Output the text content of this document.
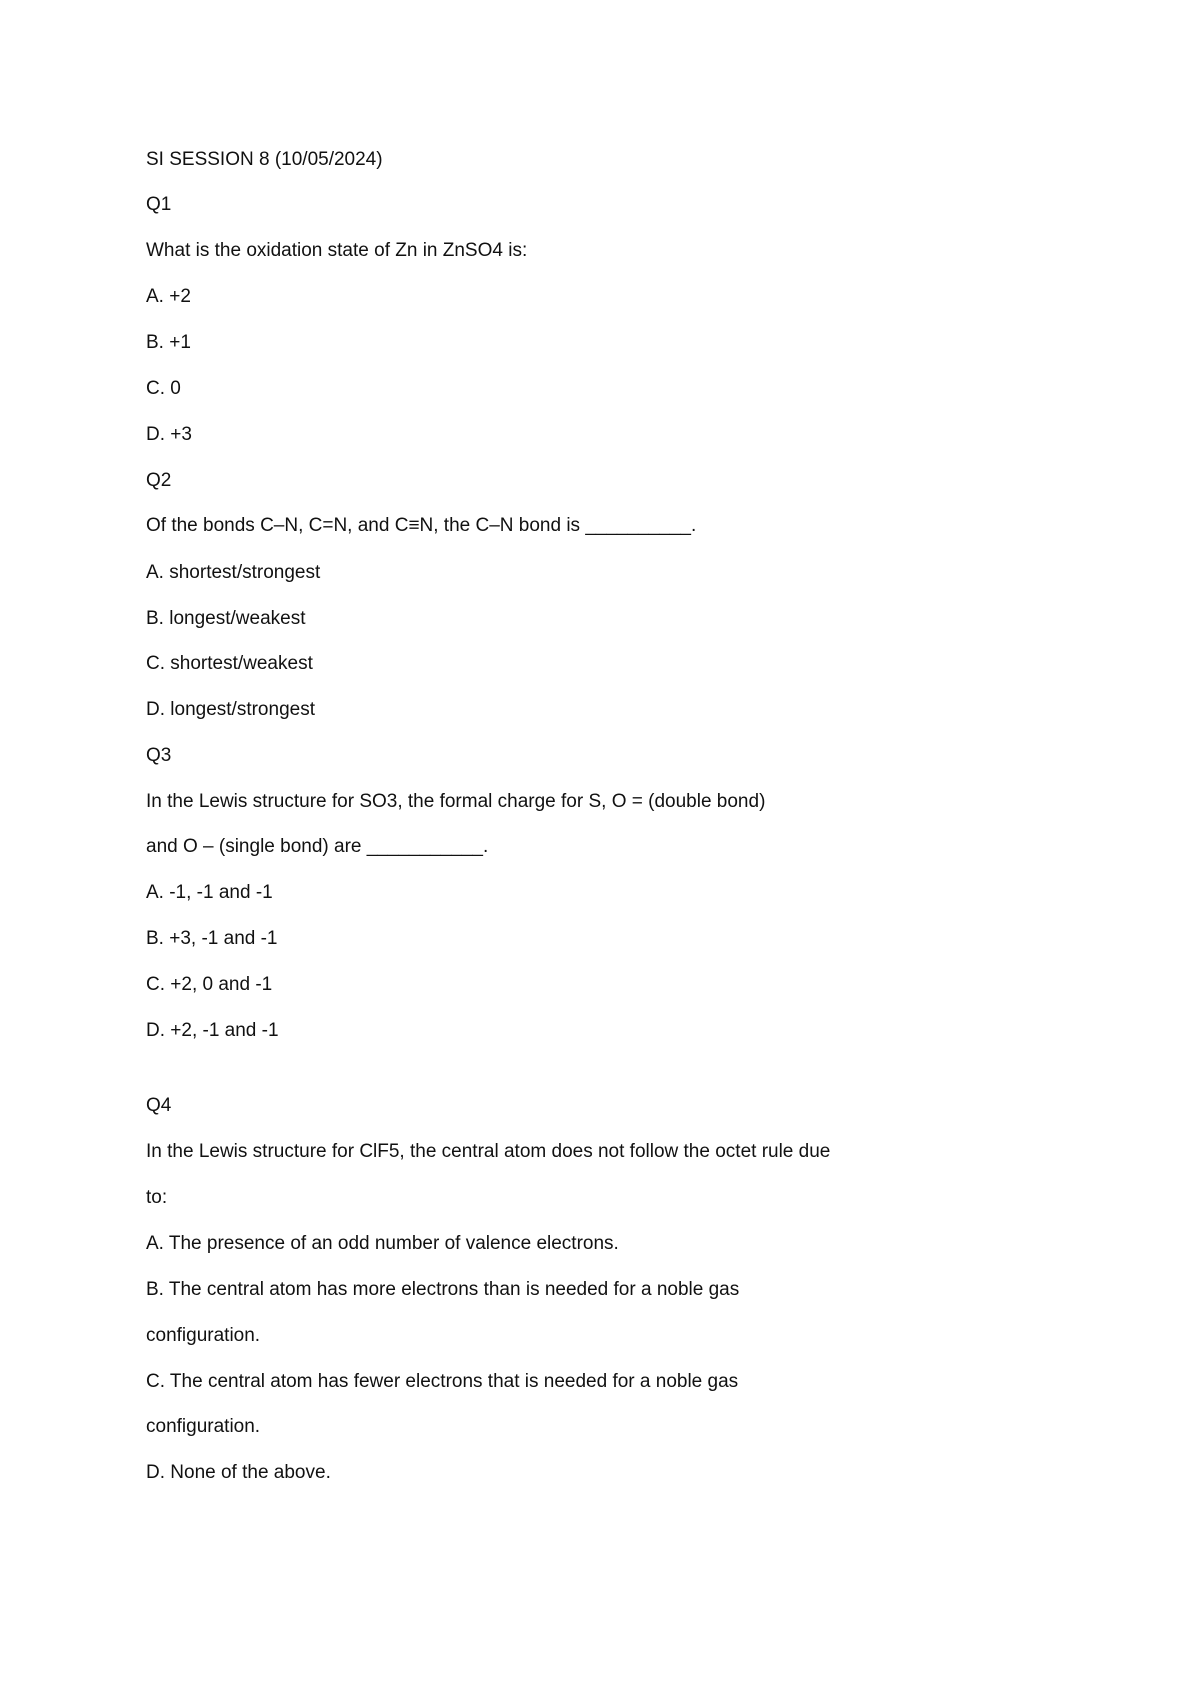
SI SESSION 8 (10/05/2024)

Q1

What is the oxidation state of Zn in ZnSO4 is:

A. +2

B. +1

C. 0

D. +3

Q2

Of the bonds C–N, C=N, and C≡N, the C–N bond is __________.

A. shortest/strongest

B. longest/weakest

C. shortest/weakest

D. longest/strongest

Q3

In the Lewis structure for SO3, the formal charge for S, O = (double bond)

and O – (single bond) are ___________.

A. -1, -1 and -1

B. +3, -1 and -1

C. +2, 0 and -1

D. +2, -1 and -1

Q4

In the Lewis structure for ClF5, the central atom does not follow the octet rule due

to:

A. The presence of an odd number of valence electrons.

B. The central atom has more electrons than is needed for a noble gas

configuration.

C. The central atom has fewer electrons that is needed for a noble gas

configuration.

D. None of the above.
